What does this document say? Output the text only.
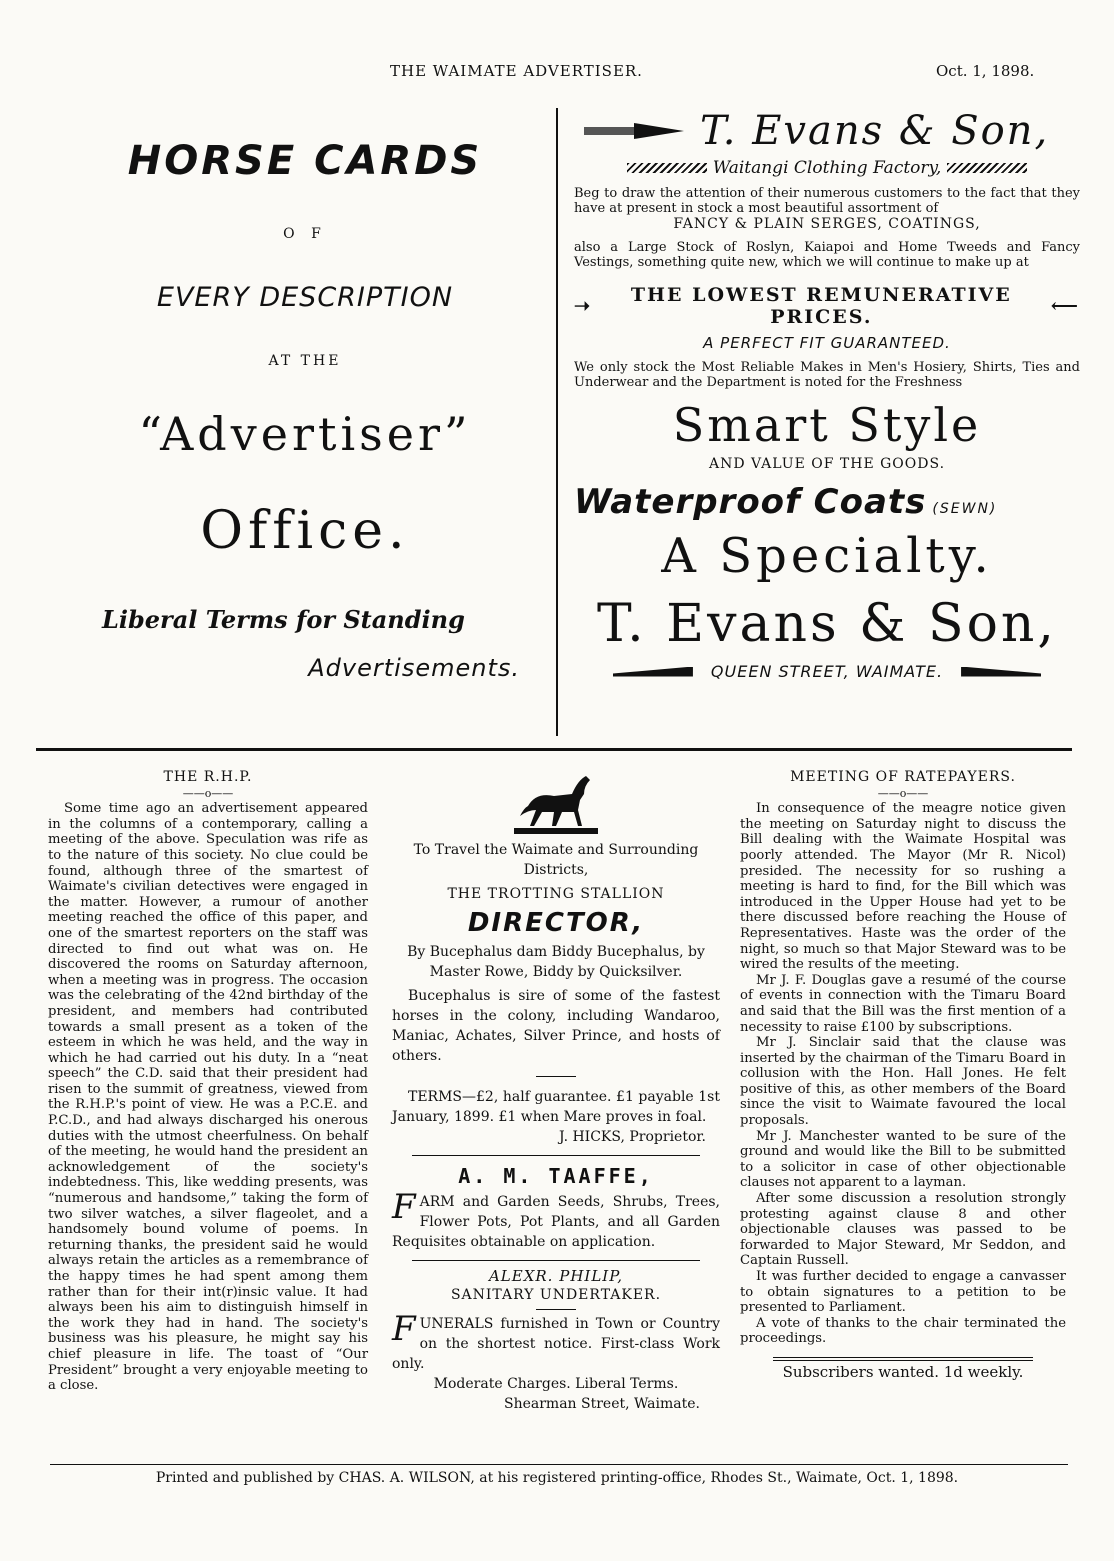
THE WAIMATE ADVERTISER.	Oct. 1, 1898.
HORSE CARDS
O F
EVERY DESCRIPTION
AT THE
“Advertiser”
Office.
Liberal Terms for Standing
Advertisements.
T. Evans & Son,
Waitangi Clothing Factory,
Beg to draw the attention of their numerous customers to the fact that they have at present in stock a most beautiful assortment of
FANCY & PLAIN SERGES, COATINGS,
also a Large Stock of Roslyn, Kaiapoi and Home Tweeds and Fancy Vestings, something quite new, which we will continue to make up at
➝	THE LOWEST REMUNERATIVE PRICES.	⟵
A PERFECT FIT GUARANTEED.
We only stock the Most Reliable Makes in Men's Hosiery, Shirts, Ties and Underwear and the Department is noted for the Freshness
Smart Style
AND VALUE OF THE GOODS.
Waterproof Coats (SEWN)
A Specialty.
T. Evans & Son,
QUEEN STREET, WAIMATE.
THE R.H.P.
——o——

Some time ago an advertisement appeared in the columns of a contemporary, calling a meeting of the above. Speculation was rife as to the nature of this society. No clue could be found, although three of the smartest of Waimate's civilian detectives were engaged in the matter. However, a rumour of another meeting reached the office of this paper, and one of the smartest reporters on the staff was directed to find out what was on. He discovered the rooms on Saturday afternoon, when a meeting was in progress. The occasion was the celebrating of the 42nd birthday of the president, and members had contributed towards a small present as a token of the esteem in which he was held, and the way in which he had carried out his duty. In a “neat speech” the C.D. said that their president had risen to the summit of greatness, viewed from the R.H.P.'s point of view. He was a P.C.E. and P.C.D., and had always discharged his onerous duties with the utmost cheerfulness. On behalf of the meeting, he would hand the president an acknowledgement of the society's indebtedness. This, like wedding presents, was “numerous and handsome,” taking the form of two silver watches, a silver flageolet, and a handsomely bound volume of poems. In returning thanks, the president said he would always retain the articles as a remembrance of the happy times he had spent among them rather than for their int(r)insic value. It had always been his aim to distinguish himself in the work they had in hand. The society's business was his pleasure, he might say his chief pleasure in life. The toast of “Our President” brought a very enjoyable meeting to a close.

To Travel the Waimate and Surrounding Districts,
THE TROTTING STALLION
DIRECTOR,

By Bucephalus dam Biddy Bucephalus, by Master Rowe, Biddy by Quicksilver.

Bucephalus is sire of some of the fastest horses in the colony, including Wandaroo, Maniac, Achates, Silver Prince, and hosts of others.

TERMS—£2, half guarantee. £1 payable 1st January, 1899. £1 when Mare proves in foal.

J. HICKS, Proprietor.

A. M. TAAFFE,

FARM and Garden Seeds, Shrubs, Trees, Flower Pots, Pot Plants, and all Garden Requisites obtainable on application.

ALEXR. PHILIP,
SANITARY UNDERTAKER.

FUNERALS furnished in Town or Country on the shortest notice. First-class Work only.

Moderate Charges. Liberal Terms.

Shearman Street, Waimate.

MEETING OF RATEPAYERS.
——o——

In consequence of the meagre notice given the meeting on Saturday night to discuss the Bill dealing with the Waimate Hospital was poorly attended. The Mayor (Mr R. Nicol) presided. The necessity for so rushing a meeting is hard to find, for the Bill which was introduced in the Upper House had yet to be there discussed before reaching the House of Representatives. Haste was the order of the night, so much so that Major Steward was to be wired the results of the meeting.

Mr J. F. Douglas gave a resumé of the course of events in connection with the Timaru Board and said that the Bill was the first mention of a necessity to raise £100 by subscriptions.

Mr J. Sinclair said that the clause was inserted by the chairman of the Timaru Board in collusion with the Hon. Hall Jones. He felt positive of this, as other members of the Board since the visit to Waimate favoured the local proposals.

Mr J. Manchester wanted to be sure of the ground and would like the Bill to be submitted to a solicitor in case of other objectionable clauses not apparent to a layman.

After some discussion a resolution strongly protesting against clause 8 and other objectionable clauses was passed to be forwarded to Major Steward, Mr Seddon, and Captain Russell.

It was further decided to engage a canvasser to obtain signatures to a petition to be presented to Parliament.

A vote of thanks to the chair terminated the proceedings.

Subscribers wanted. 1d weekly.
Printed and published by CHAS. A. WILSON, at his registered printing-office, Rhodes St., Waimate, Oct. 1, 1898.
